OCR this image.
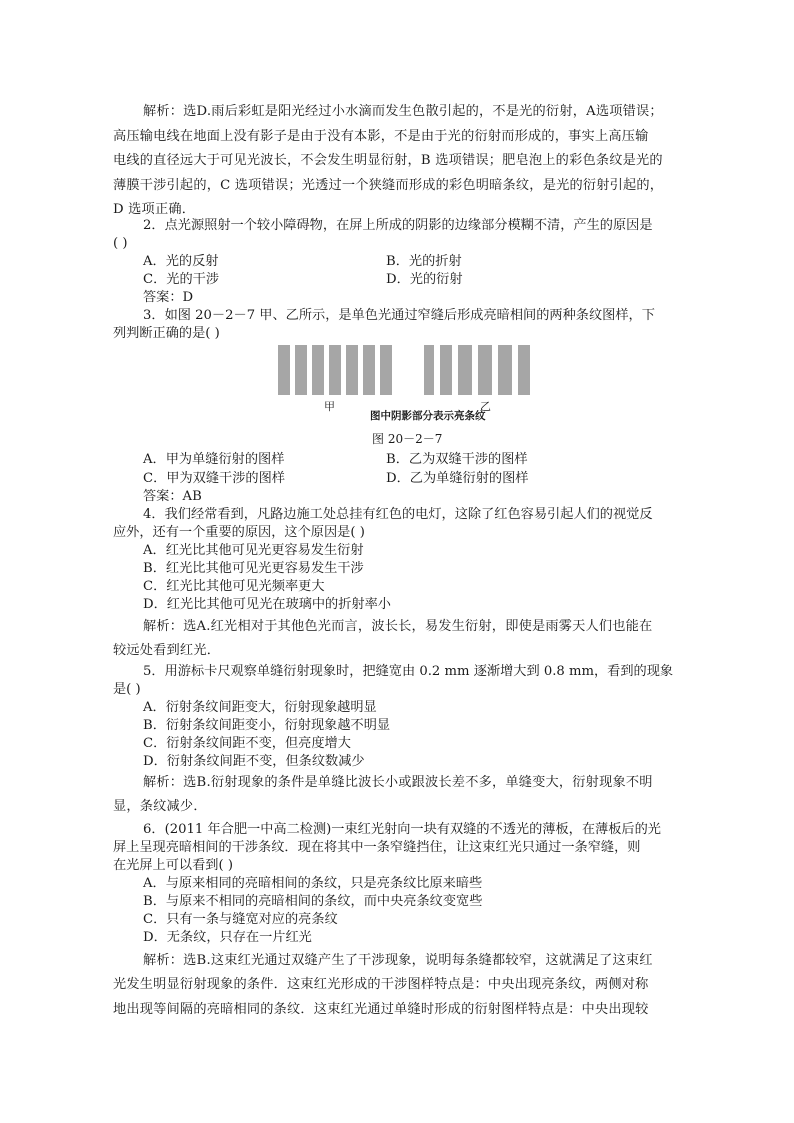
解析：选D.雨后彩虹是阳光经过小水滴而发生色散引起的，不是光的衍射，A选项错误；
高压输电线在地面上没有影子是由于没有本影，不是由于光的衍射而形成的，事实上高压输
电线的直径远大于可见光波长，不会发生明显衍射，B 选项错误；肥皂泡上的彩色条纹是光的
薄膜干涉引起的，C 选项错误；光透过一个狭缝而形成的彩色明暗条纹，是光的衍射引起的，
D 选项正确．
2．点光源照射一个较小障碍物，在屏上所成的阴影的边缘部分模糊不清，产生的原因是
( )
A．光的反射	B．光的折射
C．光的干涉	D．光的衍射
答案：D
3．如图 20－2－7 甲、乙所示，是单色光通过窄缝后形成亮暗相间的两种条纹图样，下
列判断正确的是( )
甲	乙
图中阴影部分表示亮条纹
图 20－2－7
A．甲为单缝衍射的图样	B．乙为双缝干涉的图样
C．甲为双缝干涉的图样	D．乙为单缝衍射的图样
答案：AB
4．我们经常看到，凡路边施工处总挂有红色的电灯，这除了红色容易引起人们的视觉反
应外，还有一个重要的原因，这个原因是( )
A．红光比其他可见光更容易发生衍射
B．红光比其他可见光更容易发生干涉
C．红光比其他可见光频率更大
D．红光比其他可见光在玻璃中的折射率小
解析：选A.红光相对于其他色光而言，波长长，易发生衍射，即使是雨雾天人们也能在
较远处看到红光．
5．用游标卡尺观察单缝衍射现象时，把缝宽由 0.2 mm 逐渐增大到 0.8 mm，看到的现象
是( )
A．衍射条纹间距变大，衍射现象越明显
B．衍射条纹间距变小，衍射现象越不明显
C．衍射条纹间距不变，但亮度增大
D．衍射条纹间距不变，但条纹数减少
解析：选B.衍射现象的条件是单缝比波长小或跟波长差不多，单缝变大，衍射现象不明
显，条纹减少．
6．(2011 年合肥一中高二检测)一束红光射向一块有双缝的不透光的薄板，在薄板后的光
屏上呈现亮暗相间的干涉条纹．现在将其中一条窄缝挡住，让这束红光只通过一条窄缝，则
在光屏上可以看到( )
A．与原来相同的亮暗相间的条纹，只是亮条纹比原来暗些
B．与原来不相同的亮暗相间的条纹，而中央亮条纹变宽些
C．只有一条与缝宽对应的亮条纹
D．无条纹，只存在一片红光
解析：选B.这束红光通过双缝产生了干涉现象，说明每条缝都较窄，这就满足了这束红
光发生明显衍射现象的条件．这束红光形成的干涉图样特点是：中央出现亮条纹，两侧对称
地出现等间隔的亮暗相同的条纹．这束红光通过单缝时形成的衍射图样特点是：中央出现较
